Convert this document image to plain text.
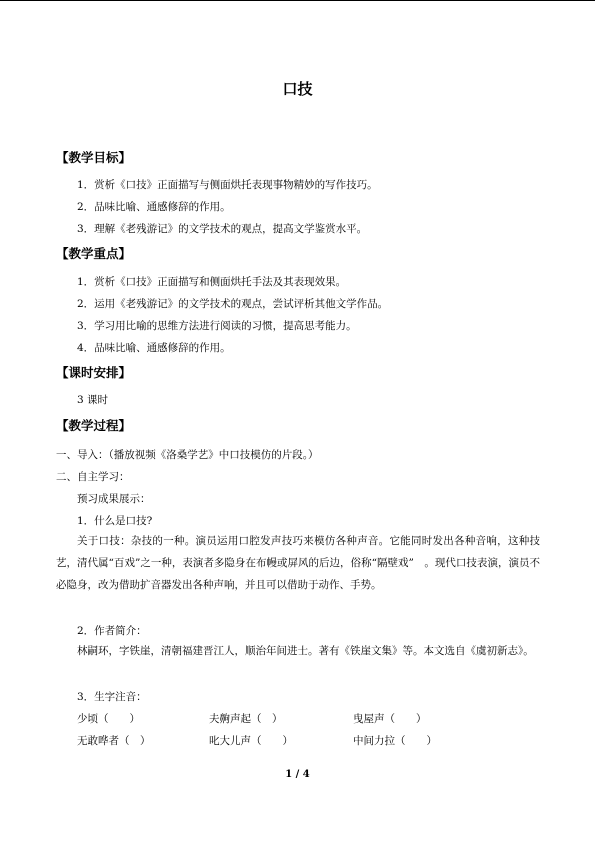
口技
【教学目标】
1．赏析《口技》正面描写与侧面烘托表现事物精妙的写作技巧。
2．品味比喻、通感修辞的作用。
3．理解《老残游记》的文学技术的观点，提高文学鉴赏水平。
【教学重点】
1．赏析《口技》正面描写和侧面烘托手法及其表现效果。
2．运用《老残游记》的文学技术的观点，尝试评析其他文学作品。
3．学习用比喻的思维方法进行阅读的习惯，提高思考能力。
4．品味比喻、通感修辞的作用。
【课时安排】
3 课时
【教学过程】
一、导入：（播放视频《洛桑学艺》中口技模仿的片段。）
二、自主学习：
预习成果展示：
1．什么是口技?
关于口技：杂技的一种。演员运用口腔发声技巧来模仿各种声音。它能同时发出各种音响，这种技艺，清代属“百戏”之一种，表演者多隐身在布幔或屏风的后边，俗称“隔壁戏”　。现代口技表演，演员不必隐身，改为借助扩音器发出各种声响，并且可以借助于动作、手势。
2．作者简介：
林嗣环，字铁崖，清朝福建晋江人，顺治年间进士。著有《铁崖文集》等。本文选自《虞初新志》。
3．生字注音：
少顷（　　）	夫齁声起（　）	曳屋声（　　）
无敢哗者（　）	叱大儿声（　　）	中间力拉（　　）
1 / 4
